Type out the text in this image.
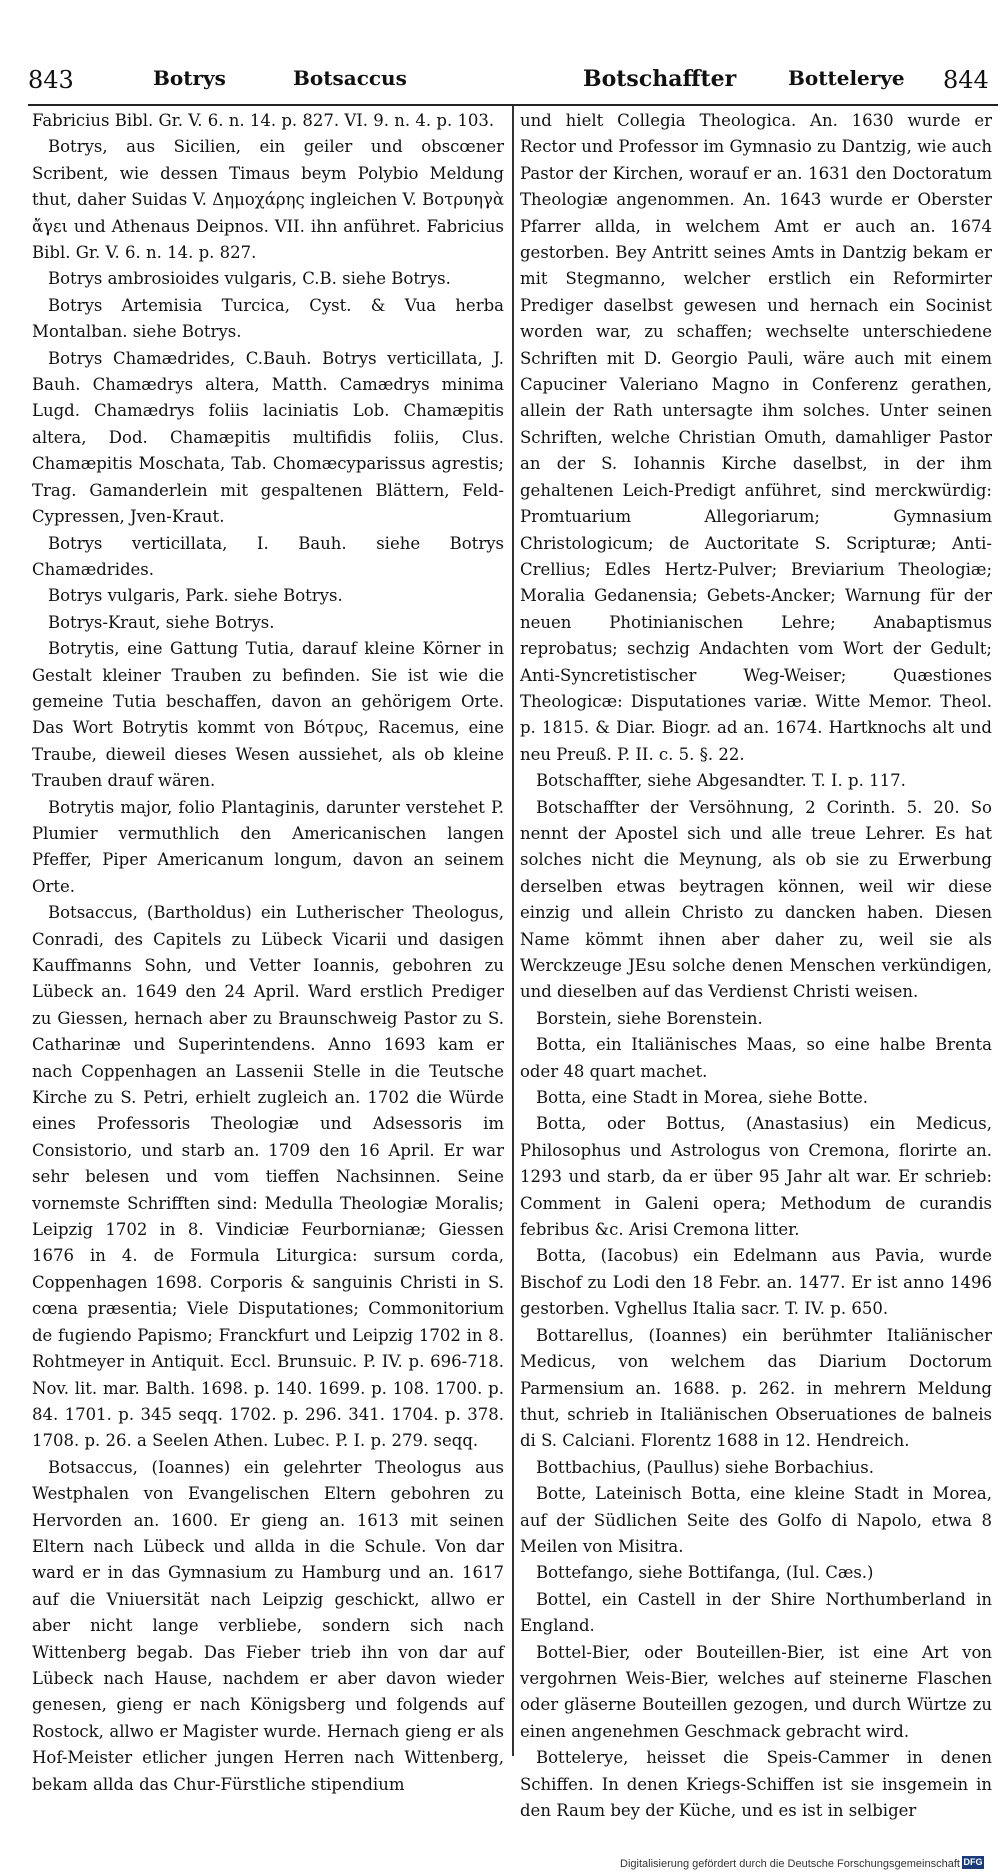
843	Botrys	Botsaccus	Botschaffter	Botteleryе 844

Fabricius Bibl. Gr. V. 6. n. 14. p. 827. VI. 9. n. 4. p. 103.

Botrys, aus Sicilien, ein geiler und obscœner Scribent, wie dessen Timaus beym Polybio Meldung thut, daher Suidas V. Δημοχάρης ingleichen V. Βοτρυηγὰ ἄγει und Athenaus Deipnos. VII. ihn anführet. Fabricius Bibl. Gr. V. 6. n. 14. p. 827.

Botrys ambrosioides vulgaris, C.B. siehe Botrys.

Botrys Artemisia Turcica, Cyst. & Vua herba Montalban. siehe Botrys.

Botrys Chamædrides, C.Bauh. Botrys verticillata, J. Bauh. Chamædrys altera, Matth. Camædrys minima Lugd. Chamædrys foliis laciniatis Lob. Chamæpitis altera, Dod. Chamæpitis multifidis foliis, Clus. Chamæpitis Moschata, Tab. Chomæcyparissus agrestis; Trag. Gamanderlein mit gespaltenen Blättern, Feld-Cypressen, Jven-Kraut.

Botrys verticillata, I. Bauh. siehe Botrys Chamædrides.

Botrys vulgaris, Park. siehe Botrys.

Botrys-Kraut, siehe Botrys.

Botrytis, eine Gattung Tutia, darauf kleine Körner in Gestalt kleiner Trauben zu befinden. Sie ist wie die gemeine Tutia beschaffen, davon an gehörigem Orte. Das Wort Botrytis kommt von Βότρυς, Racemus, eine Traube, dieweil dieses Wesen aussiehet, als ob kleine Trauben drauf wären.

Botrytis major, folio Plantaginis, darunter verstehet P. Plumier vermuthlich den Americanischen langen Pfeffer, Piper Americanum longum, davon an seinem Orte.

Botsaccus, (Bartholdus) ein Lutherischer Theologus, Conradi, des Capitels zu Lübeck Vicarii und dasigen Kauffmanns Sohn, und Vetter Ioannis, gebohren zu Lübeck an. 1649 den 24 April. Ward erstlich Prediger zu Giessen, hernach aber zu Braunschweig Pastor zu S. Catharinæ und Superintendens. Anno 1693 kam er nach Coppenhagen an Lassenii Stelle in die Teutsche Kirche zu S. Petri, erhielt zugleich an. 1702 die Würde eines Professoris Theologiæ und Adsessoris im Consistorio, und starb an. 1709 den 16 April. Er war sehr belesen und vom tieffen Nachsinnen. Seine vornemste Schrifften sind: Medulla Theologiæ Moralis; Leipzig 1702 in 8. Vindiciæ Feurbornianæ; Giessen 1676 in 4. de Formula Liturgica: sursum corda, Coppenhagen 1698. Corporis & sanguinis Christi in S. cœna præsentia; Viele Disputationes; Commonitorium de fugiendo Papismo; Franckfurt und Leipzig 1702 in 8. Rohtmeyer in Antiquit. Eccl. Brunsuic. P. IV. p. 696-718. Nov. lit. mar. Balth. 1698. p. 140. 1699. p. 108. 1700. p. 84. 1701. p. 345 seqq. 1702. p. 296. 341. 1704. p. 378. 1708. p. 26. a Seelen Athen. Lubec. P. I. p. 279. seqq.

Botsaccus, (Ioannes) ein gelehrter Theologus aus Westphalen von Evangelischen Eltern gebohren zu Hervorden an. 1600. Er gieng an. 1613 mit seinen Eltern nach Lübeck und allda in die Schule. Von dar ward er in das Gymnasium zu Hamburg und an. 1617 auf die Vniuersität nach Leipzig geschickt, allwo er aber nicht lange verbliebe, sondern sich nach Wittenberg begab. Das Fieber trieb ihn von dar auf Lübeck nach Hause, nachdem er aber davon wieder genesen, gieng er nach Königsberg und folgends auf Rostock, allwo er Magister wurde. Hernach gieng er als Hof-Meister etlicher jungen Herren nach Wittenberg, bekam allda das Chur-Fürstliche stipendium

und hielt Collegia Theologica. An. 1630 wurde er Rector und Professor im Gymnasio zu Dantzig, wie auch Pastor der Kirchen, worauf er an. 1631 den Doctoratum Theologiæ angenommen. An. 1643 wurde er Oberster Pfarrer allda, in welchem Amt er auch an. 1674 gestorben. Bey Antritt seines Amts in Dantzig bekam er mit Stegmanno, welcher erstlich ein Reformirter Prediger daselbst gewesen und hernach ein Socinist worden war, zu schaffen; wechselte unterschiedene Schriften mit D. Georgio Pauli, wäre auch mit einem Capuciner Valeriano Magno in Conferenz gerathen, allein der Rath untersagte ihm solches. Unter seinen Schriften, welche Christian Omuth, damahliger Pastor an der S. Iohannis Kirche daselbst, in der ihm gehaltenen Leich-Predigt anführet, sind merckwürdig: Promtuarium Allegoriarum; Gymnasium Christologicum; de Auctoritate S. Scripturæ; Anti-Crellius; Edles Hertz-Pulver; Breviarium Theologiæ; Moralia Gedanensia; Gebets-Ancker; Warnung für der neuen Photinianischen Lehre; Anabaptismus reprobatus; sechzig Andachten vom Wort der Gedult; Anti-Syncretistischer Weg-Weiser; Quæstiones Theologicæ: Disputationes variæ. Witte Memor. Theol. p. 1815. & Diar. Biogr. ad an. 1674. Hartknochs alt und neu Preuß. P. II. c. 5. §. 22.

Botschaffter, siehe Abgesandter. T. I. p. 117.

Botschaffter der Versöhnung, 2 Corinth. 5. 20. So nennt der Apostel sich und alle treue Lehrer. Es hat solches nicht die Meynung, als ob sie zu Erwerbung derselben etwas beytragen können, weil wir diese einzig und allein Christo zu dancken haben. Diesen Name kömmt ihnen aber daher zu, weil sie als Werckzeuge JEsu solche denen Menschen verkündigen, und dieselben auf das Verdienst Christi weisen.

Borstein, siehe Borenstein.

Botta, ein Italiänisches Maas, so eine halbe Brenta oder 48 quart machet.

Botta, eine Stadt in Morea, siehe Botte.

Botta, oder Bottus, (Anastasius) ein Medicus, Philosophus und Astrologus von Cremona, florirte an. 1293 und starb, da er über 95 Jahr alt war. Er schrieb: Comment in Galeni opera; Methodum de curandis febribus &c. Arisi Cremona litter.

Botta, (Iacobus) ein Edelmann aus Pavia, wurde Bischof zu Lodi den 18 Febr. an. 1477. Er ist anno 1496 gestorben. Vghellus Italia sacr. T. IV. p. 650.

Bottarellus, (Ioannes) ein berühmter Italiänischer Medicus, von welchem das Diarium Doctorum Parmensium an. 1688. p. 262. in mehrern Meldung thut, schrieb in Italiänischen Obseruationes de balneis di S. Calciani. Florentz 1688 in 12. Hendreich.

Bottbachius, (Paullus) siehe Borbachius.

Botte, Lateinisch Botta, eine kleine Stadt in Morea, auf der Südlichen Seite des Golfo di Napolo, etwa 8 Meilen von Misitra.

Bottefango, siehe Bottifanga, (Iul. Cæs.)

Bottel, ein Castell in der Shire Northumberland in England.

Bottel-Bier, oder Bouteillen-Bier, ist eine Art von vergohrnen Weis-Bier, welches auf steinerne Flaschen oder gläserne Bouteillen gezogen, und durch Würtze zu einen angenehmen Geschmack gebracht wird.

Botteleryе, heisset die Speis-Cammer in denen Schiffen. In denen Kriegs-Schiffen ist sie insgemein in den Raum bey der Küche, und es ist in selbiger

Digitalisierung gefördert durch die Deutsche Forschungsgemeinschaft DFG
